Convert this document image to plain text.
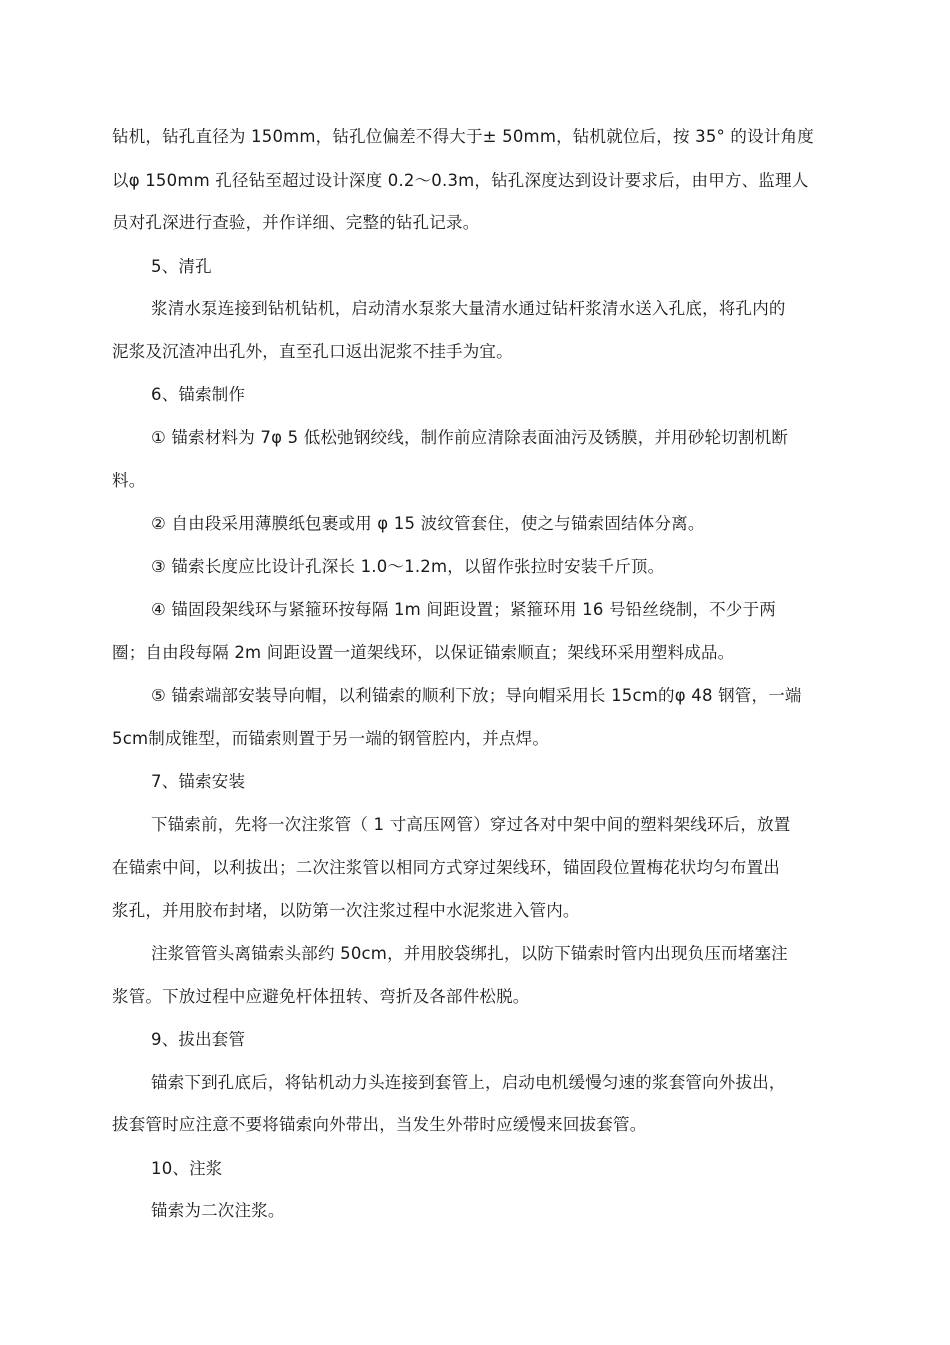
钻机，钻孔直径为 150mm，钻孔位偏差不得大于± 50mm，钻机就位后，按 35° 的设计角度
以φ 150mm 孔径钻至超过设计深度 0.2～0.3m，钻孔深度达到设计要求后，由甲方、监理人
员对孔深进行查验，并作详细、完整的钻孔记录。
5、清孔
浆清水泵连接到钻机钻机，启动清水泵浆大量清水通过钻杆浆清水送入孔底，将孔内的
泥浆及沉渣冲出孔外，直至孔口返出泥浆不挂手为宜。
6、锚索制作
① 锚索材料为 7φ 5 低松弛钢绞线，制作前应清除表面油污及锈膜，并用砂轮切割机断
料。
② 自由段采用薄膜纸包裹或用 φ 15 波纹管套住，使之与锚索固结体分离。
③ 锚索长度应比设计孔深长 1.0～1.2m，以留作张拉时安装千斤顶。
④ 锚固段架线环与紧箍环按每隔 1m 间距设置；紧箍环用 16 号铅丝绕制，不少于两
圈；自由段每隔 2m 间距设置一道架线环，以保证锚索顺直；架线环采用塑料成品。
⑤ 锚索端部安装导向帽，以利锚索的顺利下放；导向帽采用长 15cm的φ 48 钢管，一端
5cm制成锥型，而锚索则置于另一端的钢管腔内，并点焊。
7、锚索安装
下锚索前，先将一次注浆管（ 1 寸高压网管）穿过各对中架中间的塑料架线环后，放置
在锚索中间，以利拔出；二次注浆管以相同方式穿过架线环，锚固段位置梅花状均匀布置出
浆孔，并用胶布封堵，以防第一次注浆过程中水泥浆进入管内。
注浆管管头离锚索头部约 50cm，并用胶袋绑扎，以防下锚索时管内出现负压而堵塞注
浆管。下放过程中应避免杆体扭转、弯折及各部件松脱。
9、拔出套管
锚索下到孔底后，将钻机动力头连接到套管上，启动电机缓慢匀速的浆套管向外拔出，
拔套管时应注意不要将锚索向外带出，当发生外带时应缓慢来回拔套管。
10、注浆
锚索为二次注浆。
